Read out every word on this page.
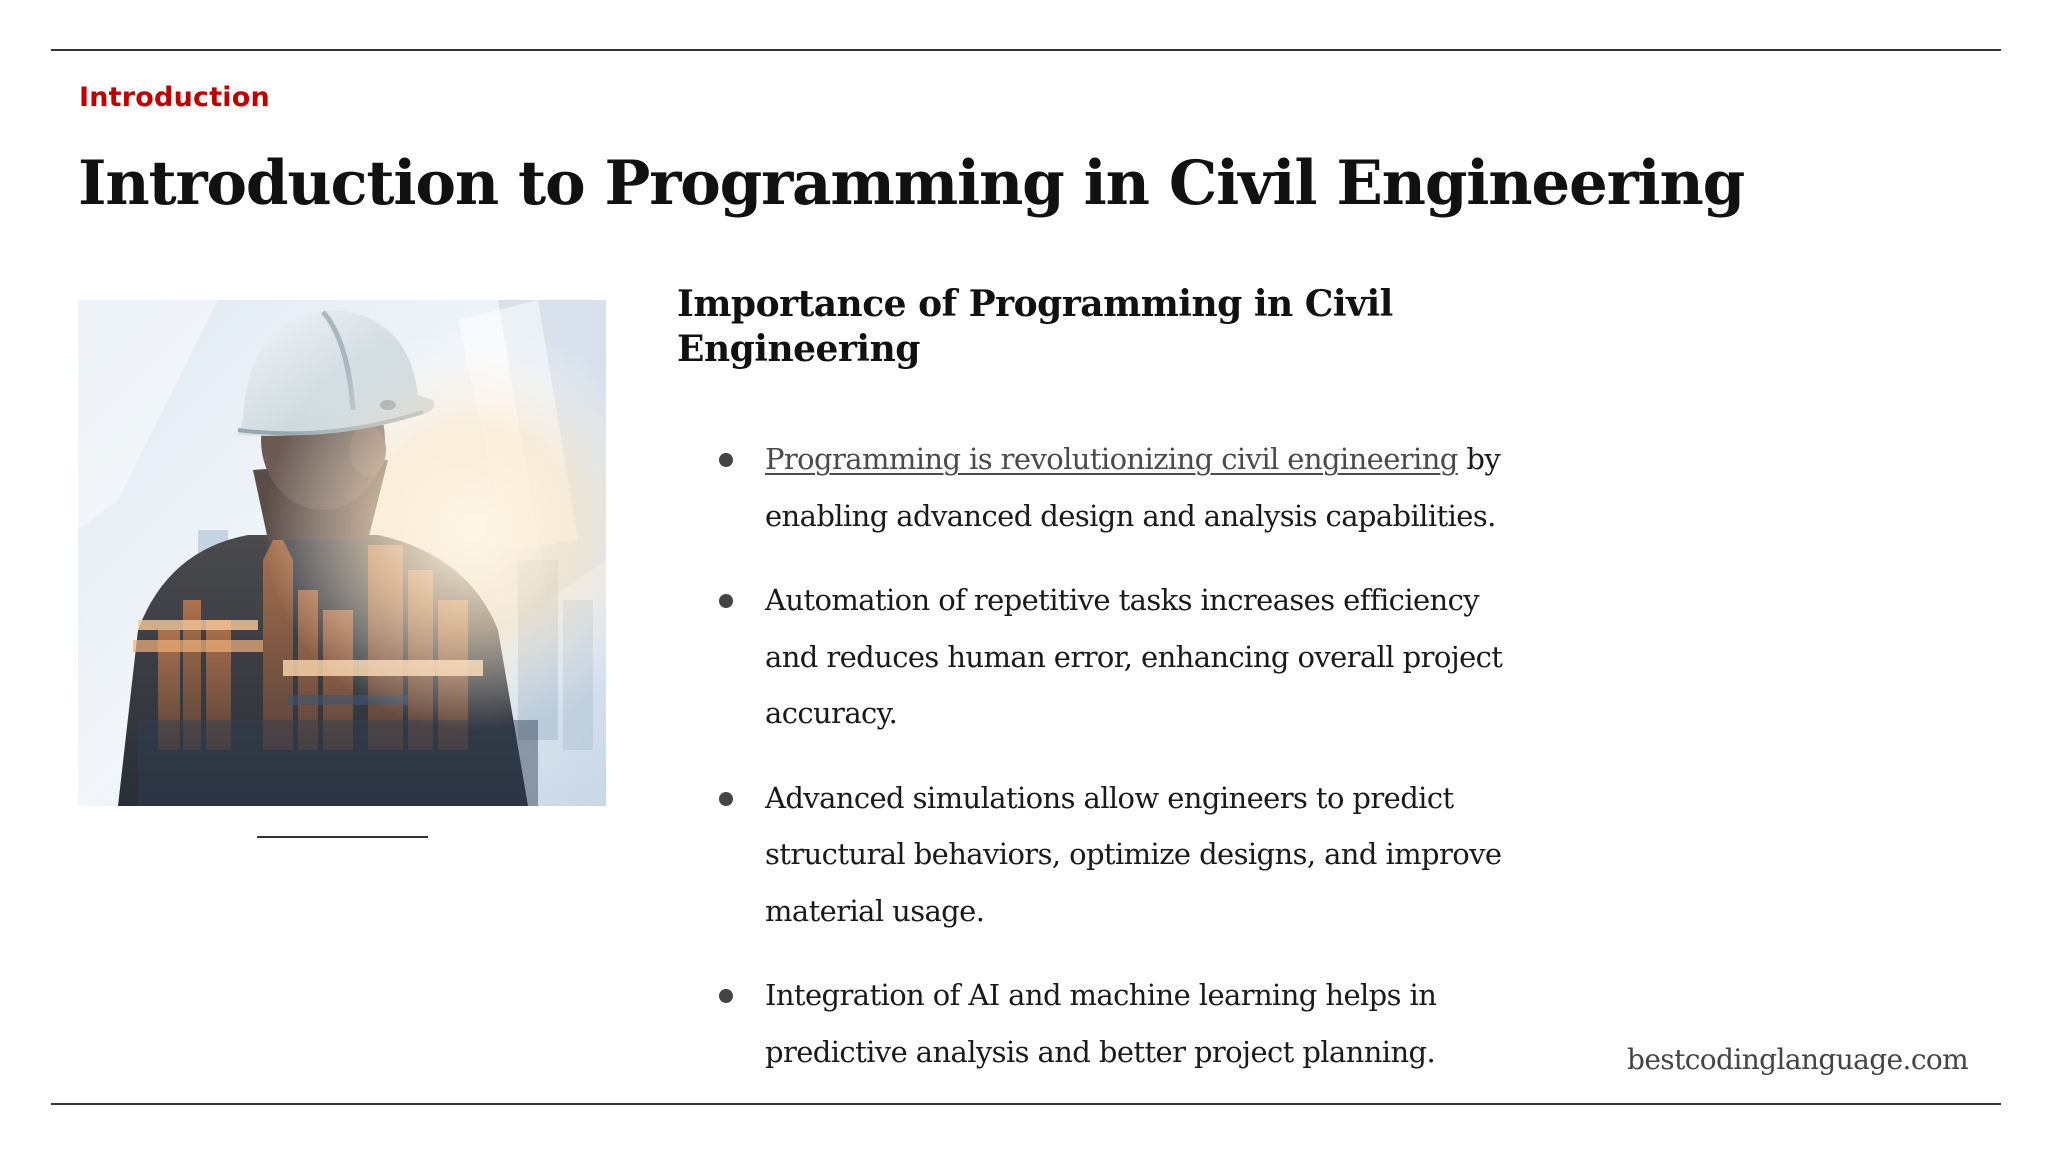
Introduction
Introduction to Programming in Civil Engineering
Importance of Programming in Civil Engineering
Programming is revolutionizing civil engineering by enabling advanced design and analysis capabilities.
Automation of repetitive tasks increases efficiency and reduces human error, enhancing overall project accuracy.
Advanced simulations allow engineers to predict structural behaviors, optimize designs, and improve material usage.
Integration of AI and machine learning helps in predictive analysis and better project planning.	bestcodinglanguage.com
